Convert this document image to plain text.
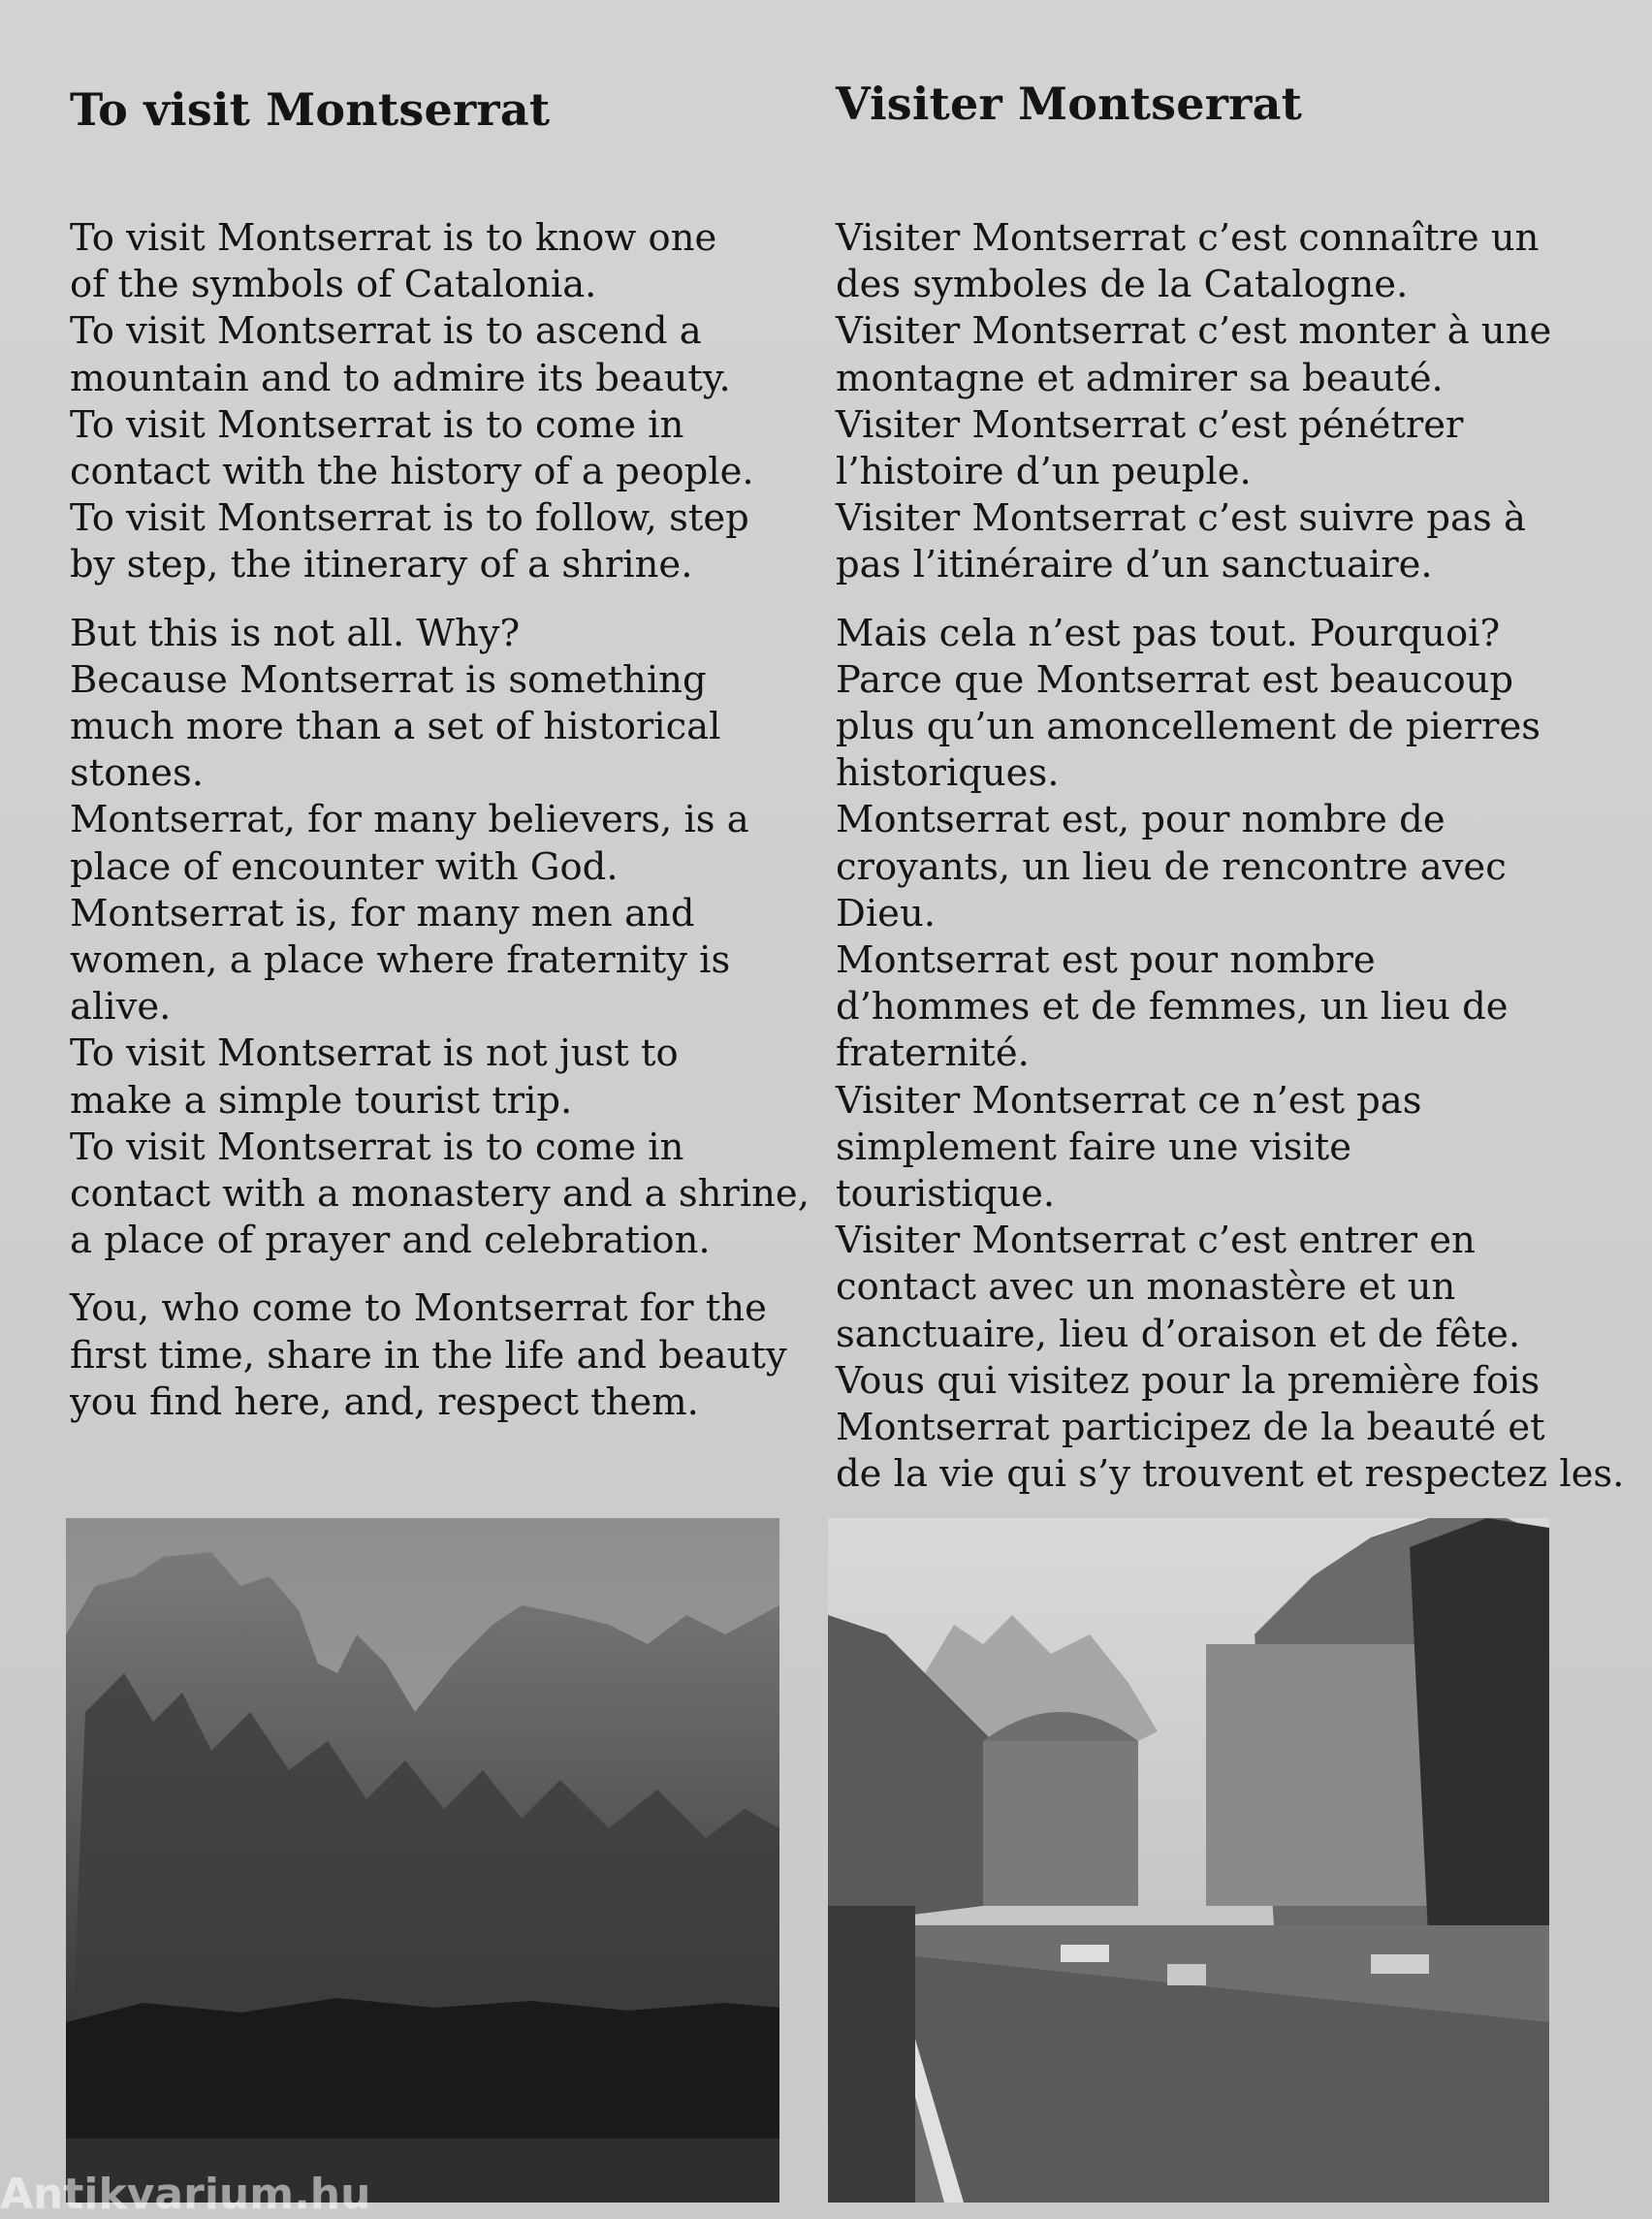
To visit Montserrat

To visit Montserrat is to know one
of the symbols of Catalonia.
To visit Montserrat is to ascend a
mountain and to admire its beauty.
To visit Montserrat is to come in
contact with the history of a people.
To visit Montserrat is to follow, step
by step, the itinerary of a shrine.

But this is not all. Why?
Because Montserrat is something
much more than a set of historical
stones.
Montserrat, for many believers, is a
place of encounter with God.
Montserrat is, for many men and
women, a place where fraternity is
alive.
To visit Montserrat is not just to
make a simple tourist trip.
To visit Montserrat is to come in
contact with a monastery and a shrine,
a place of prayer and celebration.

You, who come to Montserrat for the
first time, share in the life and beauty
you find here, and, respect them.

Visiter Montserrat

Visiter Montserrat c’est connaître un
des symboles de la Catalogne.
Visiter Montserrat c’est monter à une
montagne et admirer sa beauté.
Visiter Montserrat c’est pénétrer
l’histoire d’un peuple.
Visiter Montserrat c’est suivre pas à
pas l’itinéraire d’un sanctuaire.

Mais cela n’est pas tout. Pourquoi?
Parce que Montserrat est beaucoup
plus qu’un amoncellement de pierres
historiques.
Montserrat est, pour nombre de
croyants, un lieu de rencontre avec
Dieu.
Montserrat est pour nombre
d’hommes et de femmes, un lieu de
fraternité.
Visiter Montserrat ce n’est pas
simplement faire une visite
touristique.
Visiter Montserrat c’est entrer en
contact avec un monastère et un
sanctuaire, lieu d’oraison et de fête.
Vous qui visitez pour la première fois
Montserrat participez de la beauté et
de la vie qui s’y trouvent et respectez les.

Antikvarium.hu
